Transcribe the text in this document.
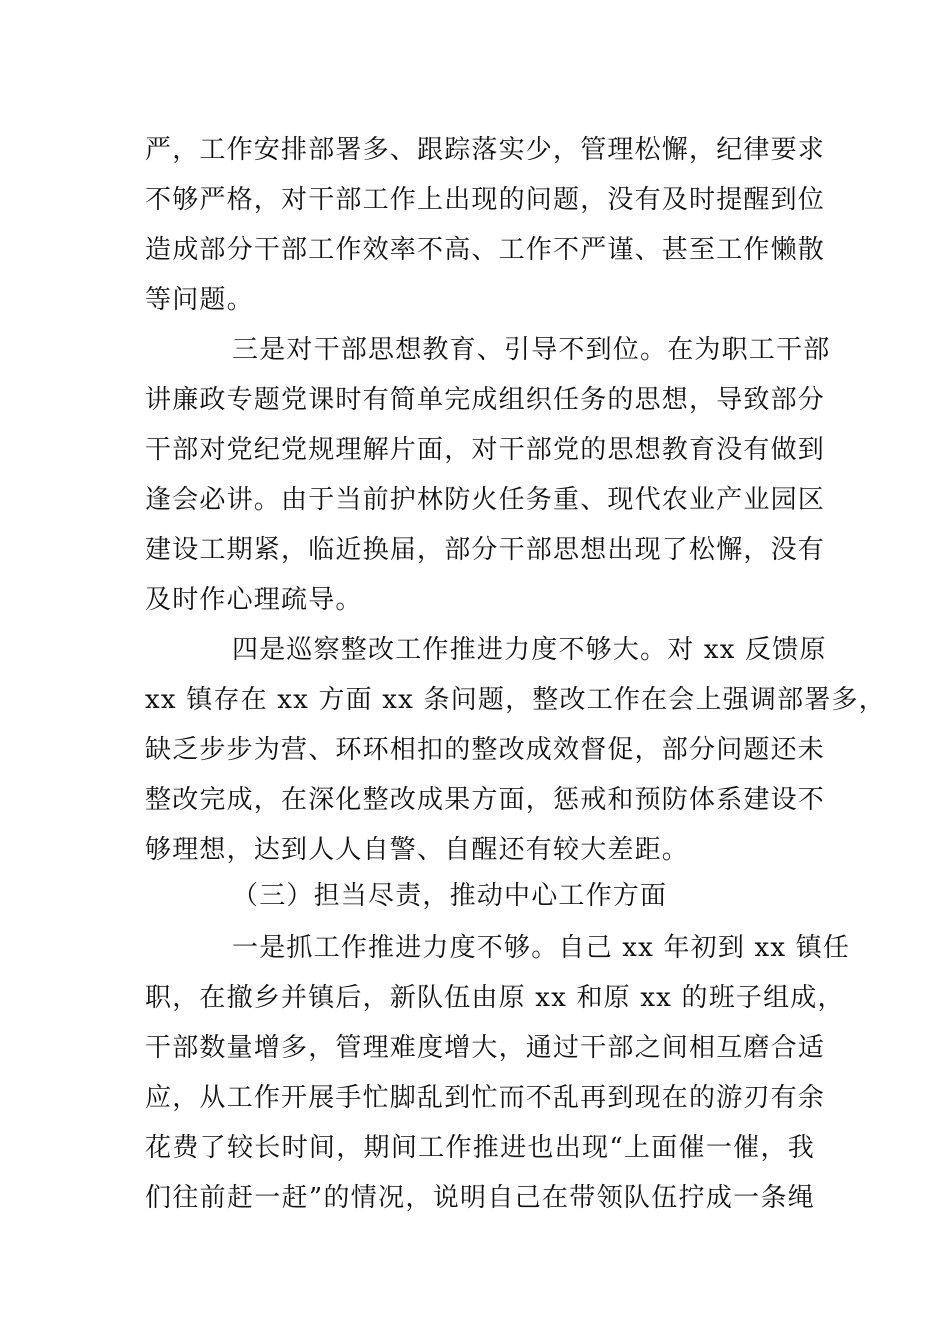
严，工作安排部署多、跟踪落实少，管理松懈，纪律要求
不够严格，对干部工作上出现的问题，没有及时提醒到位
造成部分干部工作效率不高、工作不严谨、甚至工作懒散
等问题。
三是对干部思想教育、引导不到位。在为职工干部
讲廉政专题党课时有简单完成组织任务的思想，导致部分
干部对党纪党规理解片面，对干部党的思想教育没有做到
逢会必讲。由于当前护林防火任务重、现代农业产业园区
建设工期紧，临近换届，部分干部思想出现了松懈，没有
及时作心理疏导。
四是巡察整改工作推进力度不够大。对 xx 反馈原
xx 镇存在 xx 方面 xx 条问题，整改工作在会上强调部署多，
缺乏步步为营、环环相扣的整改成效督促，部分问题还未
整改完成，在深化整改成果方面，惩戒和预防体系建设不
够理想，达到人人自警、自醒还有较大差距。
（三）担当尽责，推动中心工作方面
一是抓工作推进力度不够。自己 xx 年初到 xx 镇任
职，在撤乡并镇后，新队伍由原 xx 和原 xx 的班子组成，
干部数量增多，管理难度增大，通过干部之间相互磨合适
应，从工作开展手忙脚乱到忙而不乱再到现在的游刃有余
花费了较长时间，期间工作推进也出现“上面催一催，我
们往前赶一赶”的情况，说明自己在带领队伍拧成一条绳
